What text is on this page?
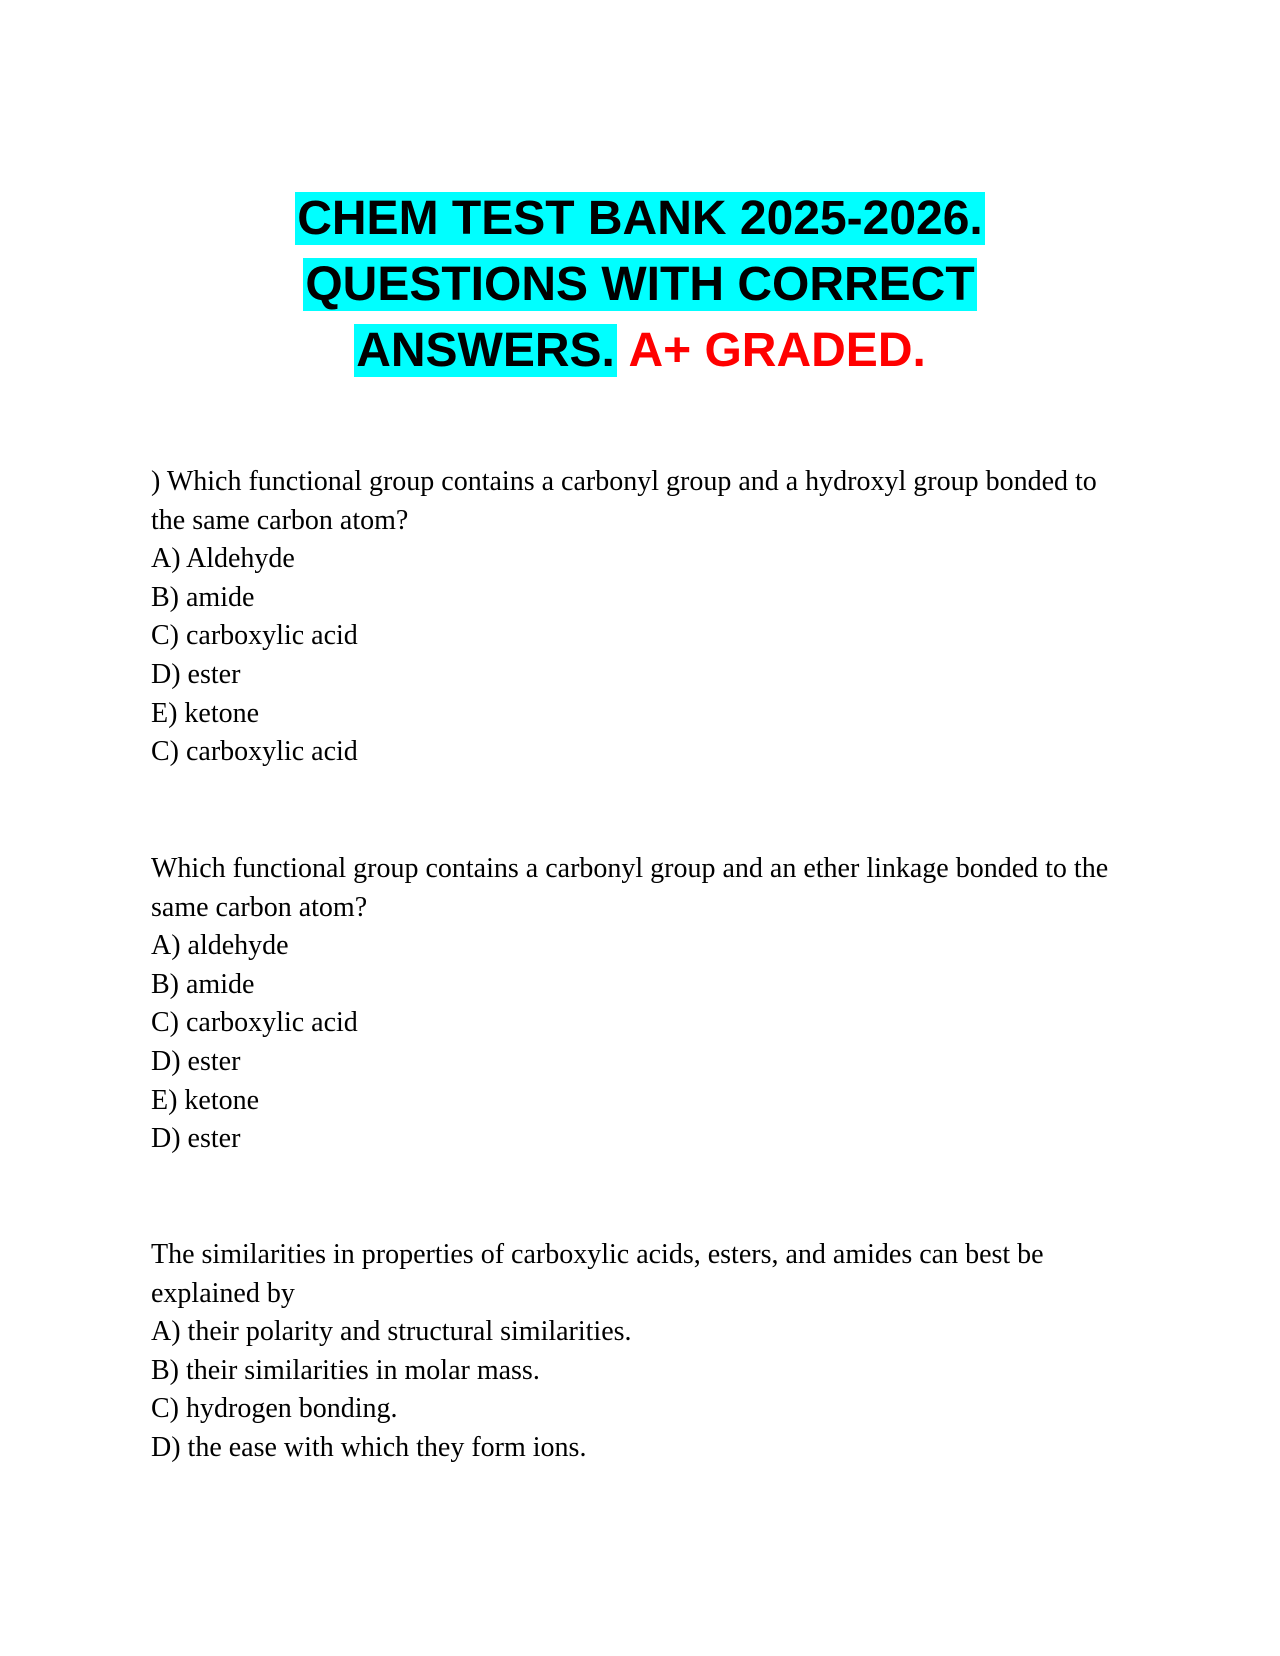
CHEM TEST BANK 2025-2026.
QUESTIONS WITH CORRECT
ANSWERS. A+ GRADED.
) Which functional group contains a carbonyl group and a hydroxyl group bonded to the same carbon atom?
A) Aldehyde
B) amide
C) carboxylic acid
D) ester
E) ketone
C) carboxylic acid
Which functional group contains a carbonyl group and an ether linkage bonded to the same carbon atom?
A) aldehyde
B) amide
C) carboxylic acid
D) ester
E) ketone
D) ester
The similarities in properties of carboxylic acids, esters, and amides can best be explained by
A) their polarity and structural similarities.
B) their similarities in molar mass.
C) hydrogen bonding.
D) the ease with which they form ions.
